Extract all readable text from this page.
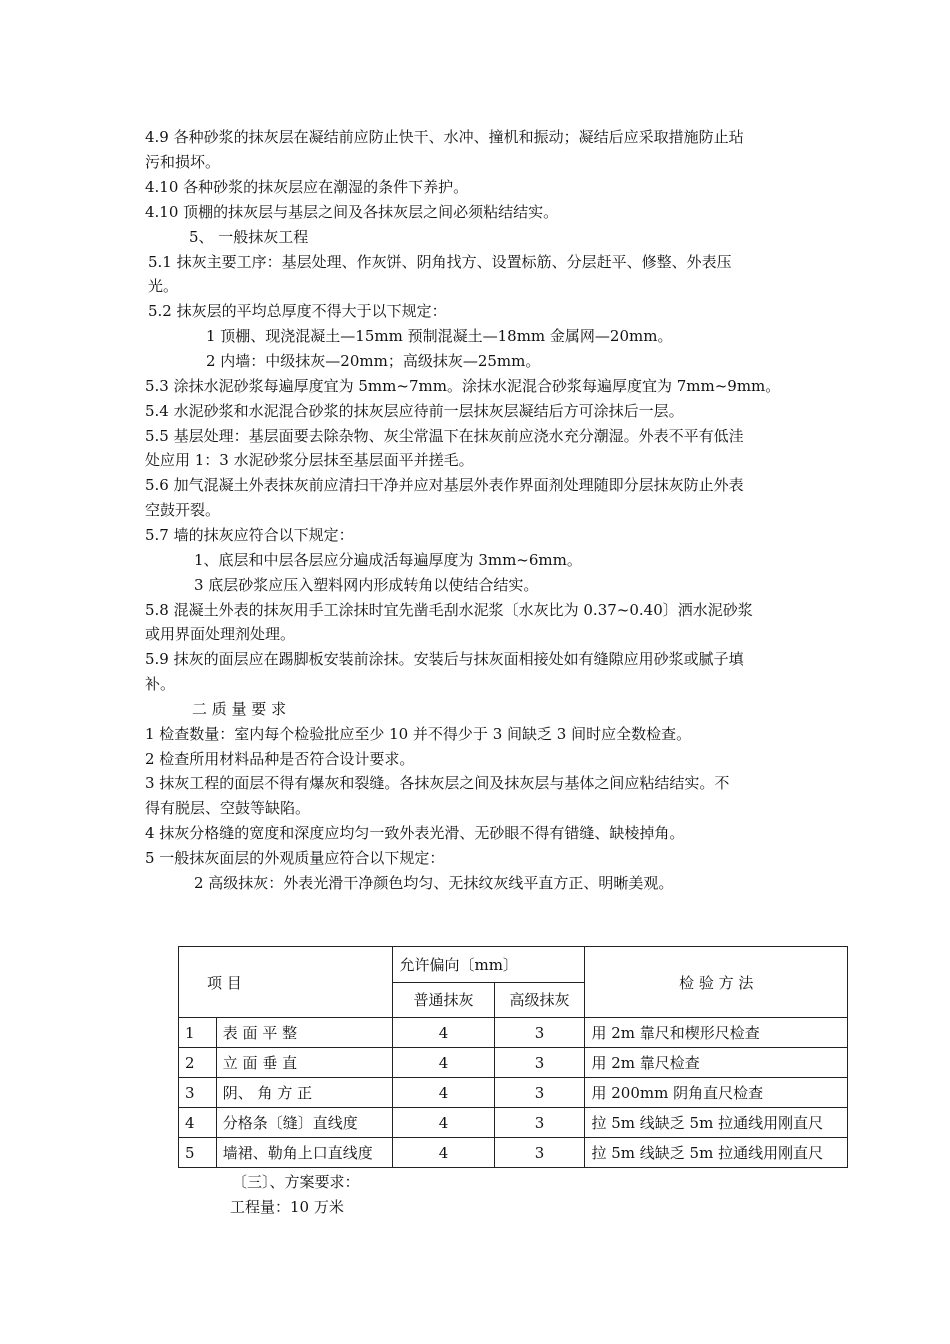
4.9 各种砂浆的抹灰层在凝结前应防止快干、水冲、撞机和振动；凝结后应采取措施防止玷
污和损坏。
4.10 各种砂浆的抹灰层应在潮湿的条件下养护。
4.10 顶棚的抹灰层与基层之间及各抹灰层之间必须粘结结实。
5、 一般抹灰工程
5.1 抹灰主要工序：基层处理、作灰饼、阴角找方、设置标筋、分层赶平、修整、外表压
光。
5.2 抹灰层的平均总厚度不得大于以下规定：
1 顶棚、现浇混凝土—15mm 预制混凝土—18mm 金属网—20mm。
2 内墙：中级抹灰—20mm；高级抹灰—25mm。
5.3 涂抹水泥砂浆每遍厚度宜为 5mm~7mm。涂抹水泥混合砂浆每遍厚度宜为 7mm~9mm。
5.4 水泥砂浆和水泥混合砂浆的抹灰层应待前一层抹灰层凝结后方可涂抹后一层。
5.5 基层处理：基层面要去除杂物、灰尘常温下在抹灰前应浇水充分潮湿。外表不平有低洼
处应用 1：3 水泥砂浆分层抹至基层面平并搓毛。
5.6 加气混凝土外表抹灰前应清扫干净并应对基层外表作界面剂处理随即分层抹灰防止外表
空鼓开裂。
5.7 墙的抹灰应符合以下规定：
1、底层和中层各层应分遍成活每遍厚度为 3mm~6mm。
3 底层砂浆应压入塑料网内形成转角以使结合结实。
5.8 混凝土外表的抹灰用手工涂抹时宜先凿毛刮水泥浆〔水灰比为 0.37~0.40〕洒水泥砂浆
或用界面处理剂处理。
5.9 抹灰的面层应在踢脚板安装前涂抹。安装后与抹灰面相接处如有缝隙应用砂浆或腻子填
补。
二 质 量 要 求
1 检查数量：室内每个检验批应至少 10 并不得少于 3 间缺乏 3 间时应全数检查。
2 检查所用材料品种是否符合设计要求。
3 抹灰工程的面层不得有爆灰和裂缝。各抹灰层之间及抹灰层与基体之间应粘结结实。不
得有脱层、空鼓等缺陷。
4 抹灰分格缝的宽度和深度应均匀一致外表光滑、无砂眼不得有错缝、缺棱掉角。
5 一般抹灰面层的外观质量应符合以下规定：
2 高级抹灰：外表光滑干净颜色均匀、无抹纹灰线平直方正、明晰美观。
项 目		允许偏向〔mm〕		检 验 方 法
		普通抹灰	高级抹灰	
1	表 面 平 整	4	3	用 2m 靠尺和楔形尺检查
2	立 面 垂 直	4	3	用 2m 靠尺检查
3	阴、 角 方 正	4	3	用 200mm 阴角直尺检查
4	分格条〔缝〕直线度	4	3	拉 5m 线缺乏 5m 拉通线用刚直尺
5	墙裙、勒角上口直线度	4	3	拉 5m 线缺乏 5m 拉通线用刚直尺
〔三〕、方案要求：
工程量：10 万米
